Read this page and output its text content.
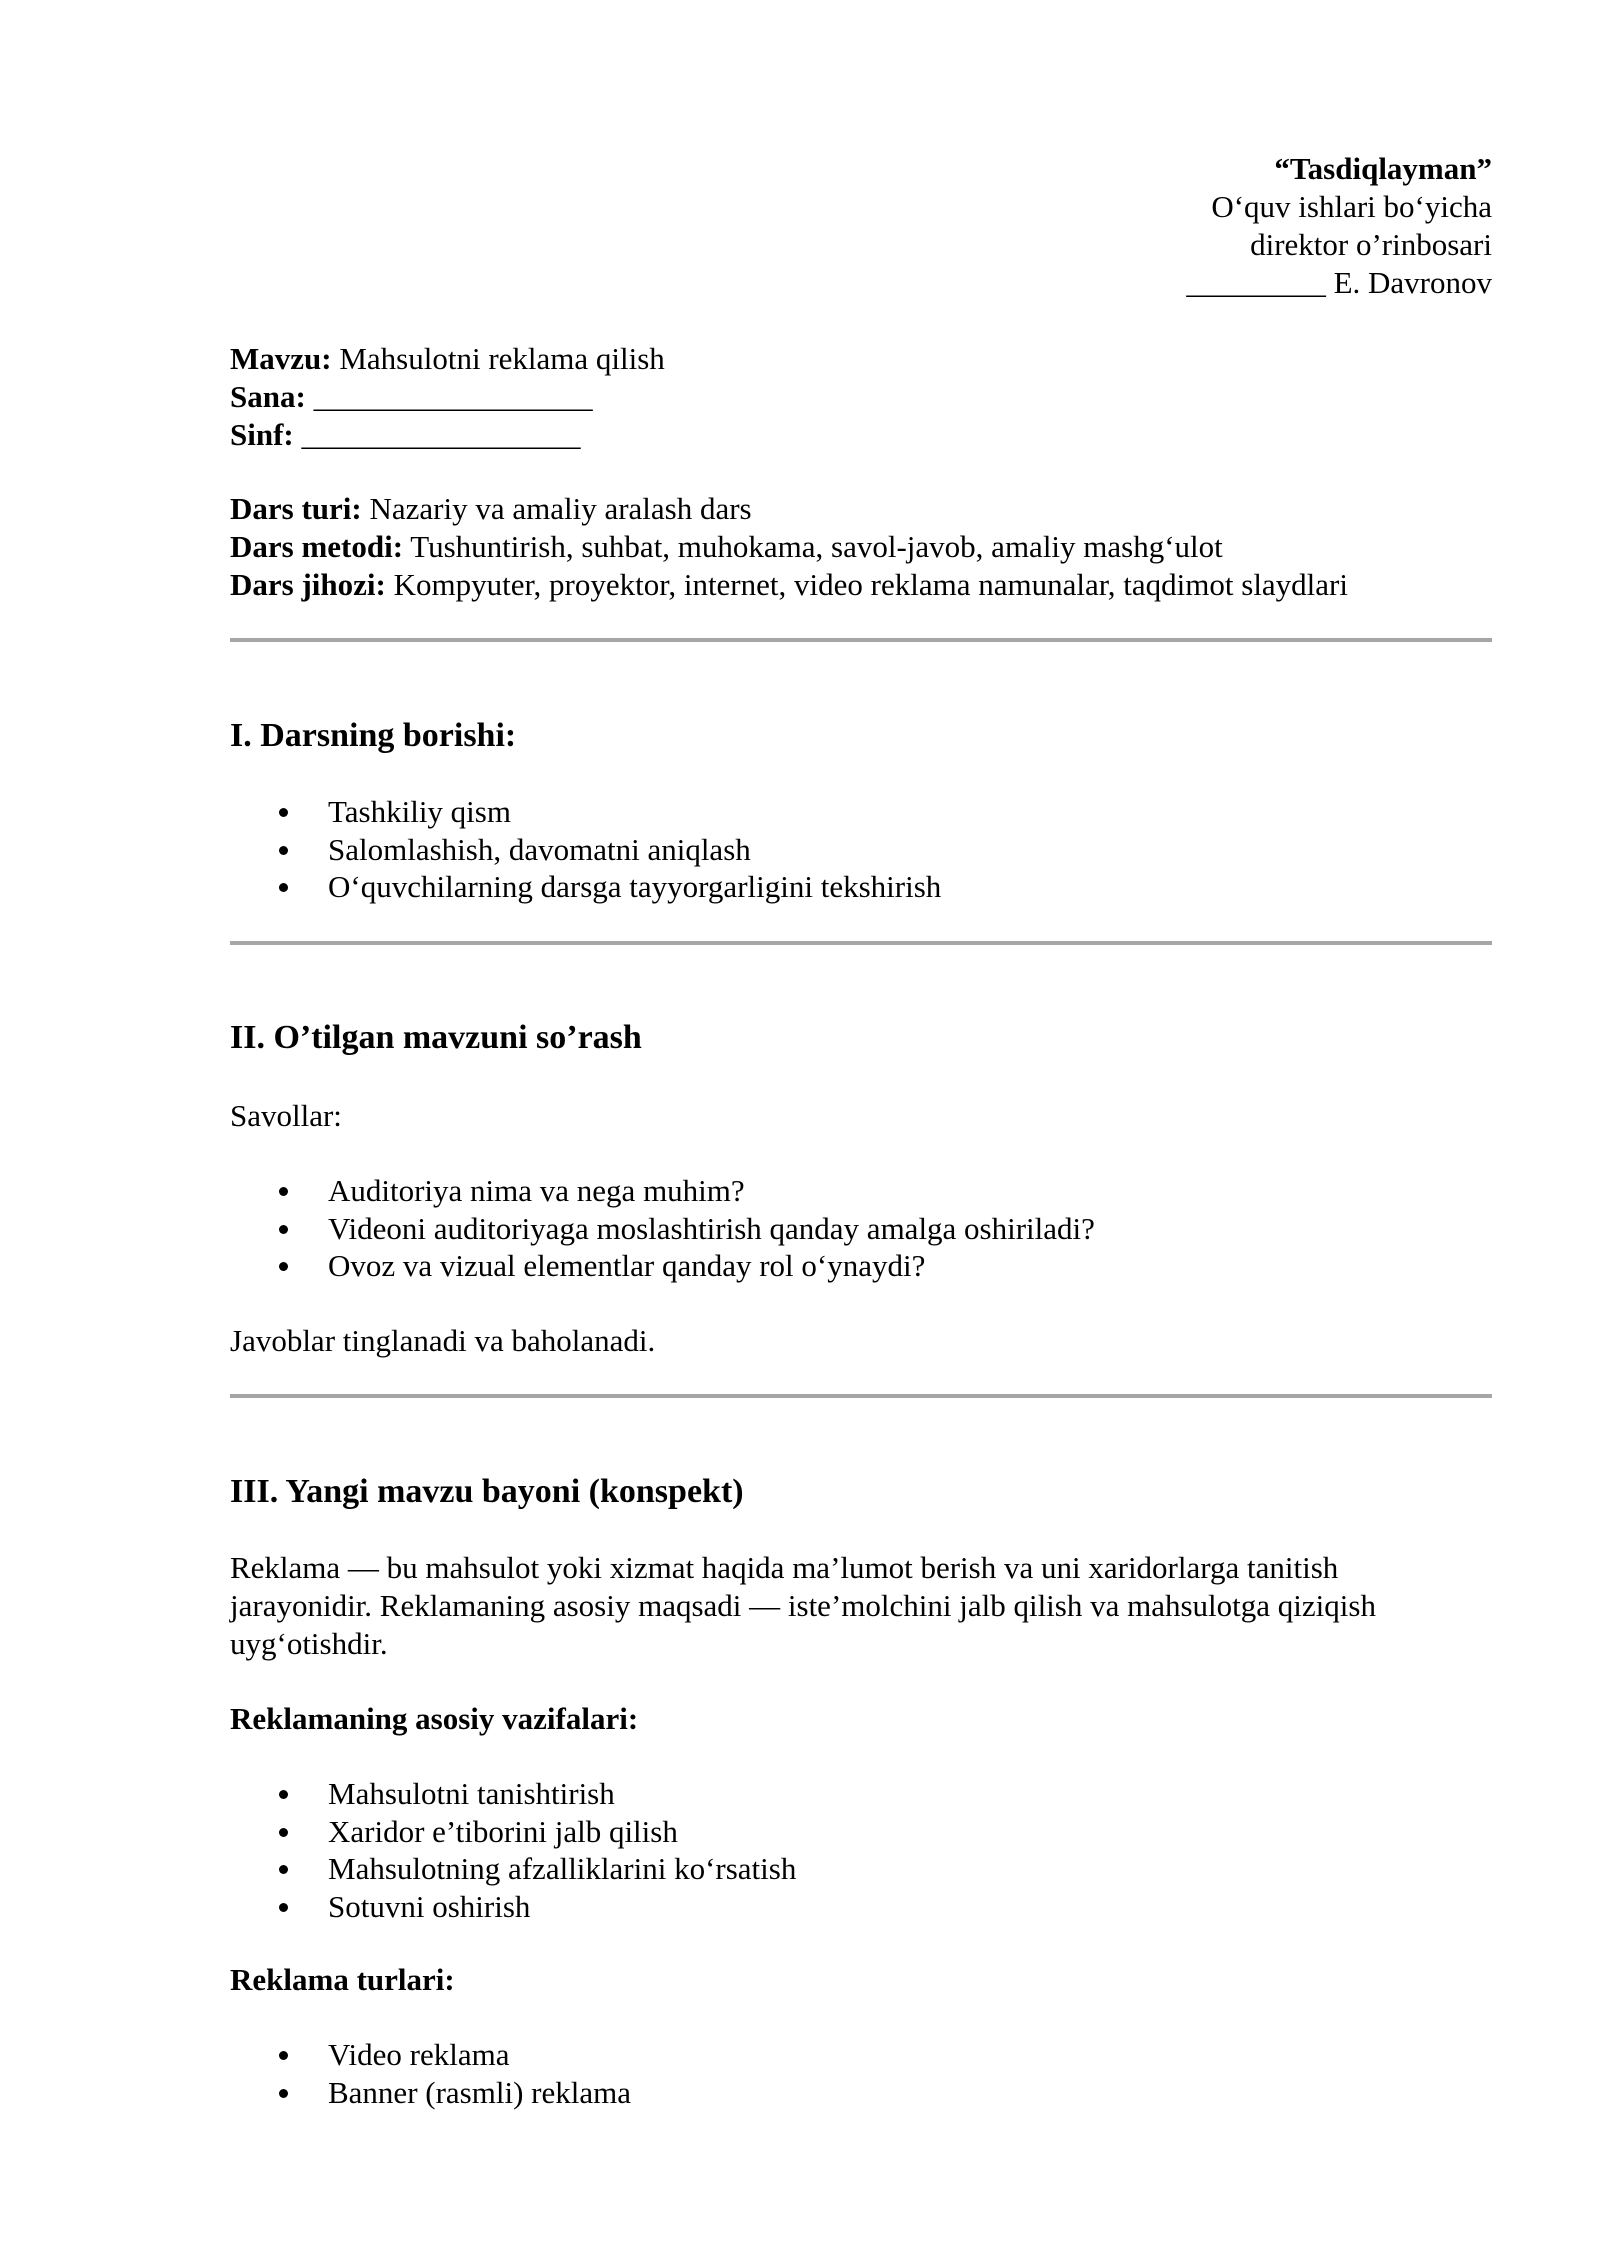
“Tasdiqlayman”
O‘quv ishlari bo‘yicha
direktor o’rinbosari
_________ E. Davronov
Mavzu: Mahsulotni reklama qilish
Sana: __________________
Sinf: __________________
Dars turi: Nazariy va amaliy aralash dars
Dars metodi: Tushuntirish, suhbat, muhokama, savol-javob, amaliy mashg‘ulot
Dars jihozi: Kompyuter, proyektor, internet, video reklama namunalar, taqdimot slaydlari
I. Darsning borishi:
Tashkiliy qism
Salomlashish, davomatni aniqlash
O‘quvchilarning darsga tayyorgarligini tekshirish
II. O’tilgan mavzuni so’rash
Savollar:
Auditoriya nima va nega muhim?
Videoni auditoriyaga moslashtirish qanday amalga oshiriladi?
Ovoz va vizual elementlar qanday rol o‘ynaydi?
Javoblar tinglanadi va baholanadi.
III. Yangi mavzu bayoni (konspekt)
Reklama — bu mahsulot yoki xizmat haqida ma’lumot berish va uni xaridorlarga tanitish
jarayonidir. Reklamaning asosiy maqsadi — iste’molchini jalb qilish va mahsulotga qiziqish
uyg‘otishdir.
Reklamaning asosiy vazifalari:
Mahsulotni tanishtirish
Xaridor e’tiborini jalb qilish
Mahsulotning afzalliklarini ko‘rsatish
Sotuvni oshirish
Reklama turlari:
Video reklama
Banner (rasmli) reklama
